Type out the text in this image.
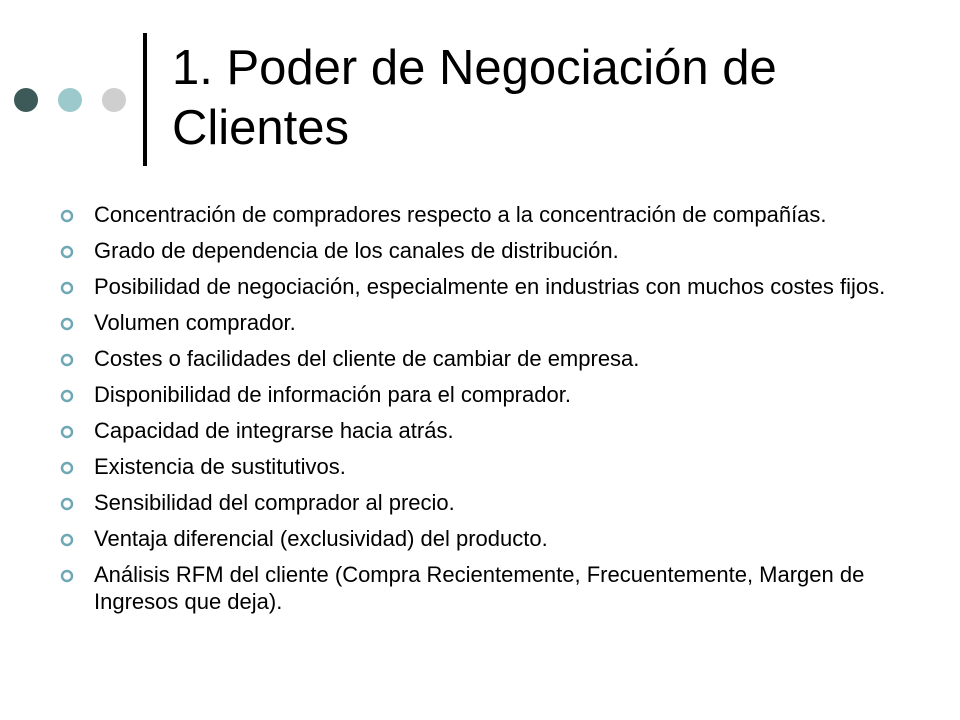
1. Poder de Negociación de Clientes
Concentración de compradores respecto a la concentración de compañías.
Grado de dependencia de los canales de distribución.
Posibilidad de negociación, especialmente en industrias con muchos costes fijos.
Volumen comprador.
Costes o facilidades del cliente de cambiar de empresa.
Disponibilidad de información para el comprador.
Capacidad de integrarse hacia atrás.
Existencia de sustitutivos.
Sensibilidad del comprador al precio.
Ventaja diferencial (exclusividad) del producto.
Análisis RFM del cliente (Compra Recientemente, Frecuentemente, Margen de Ingresos que deja).
